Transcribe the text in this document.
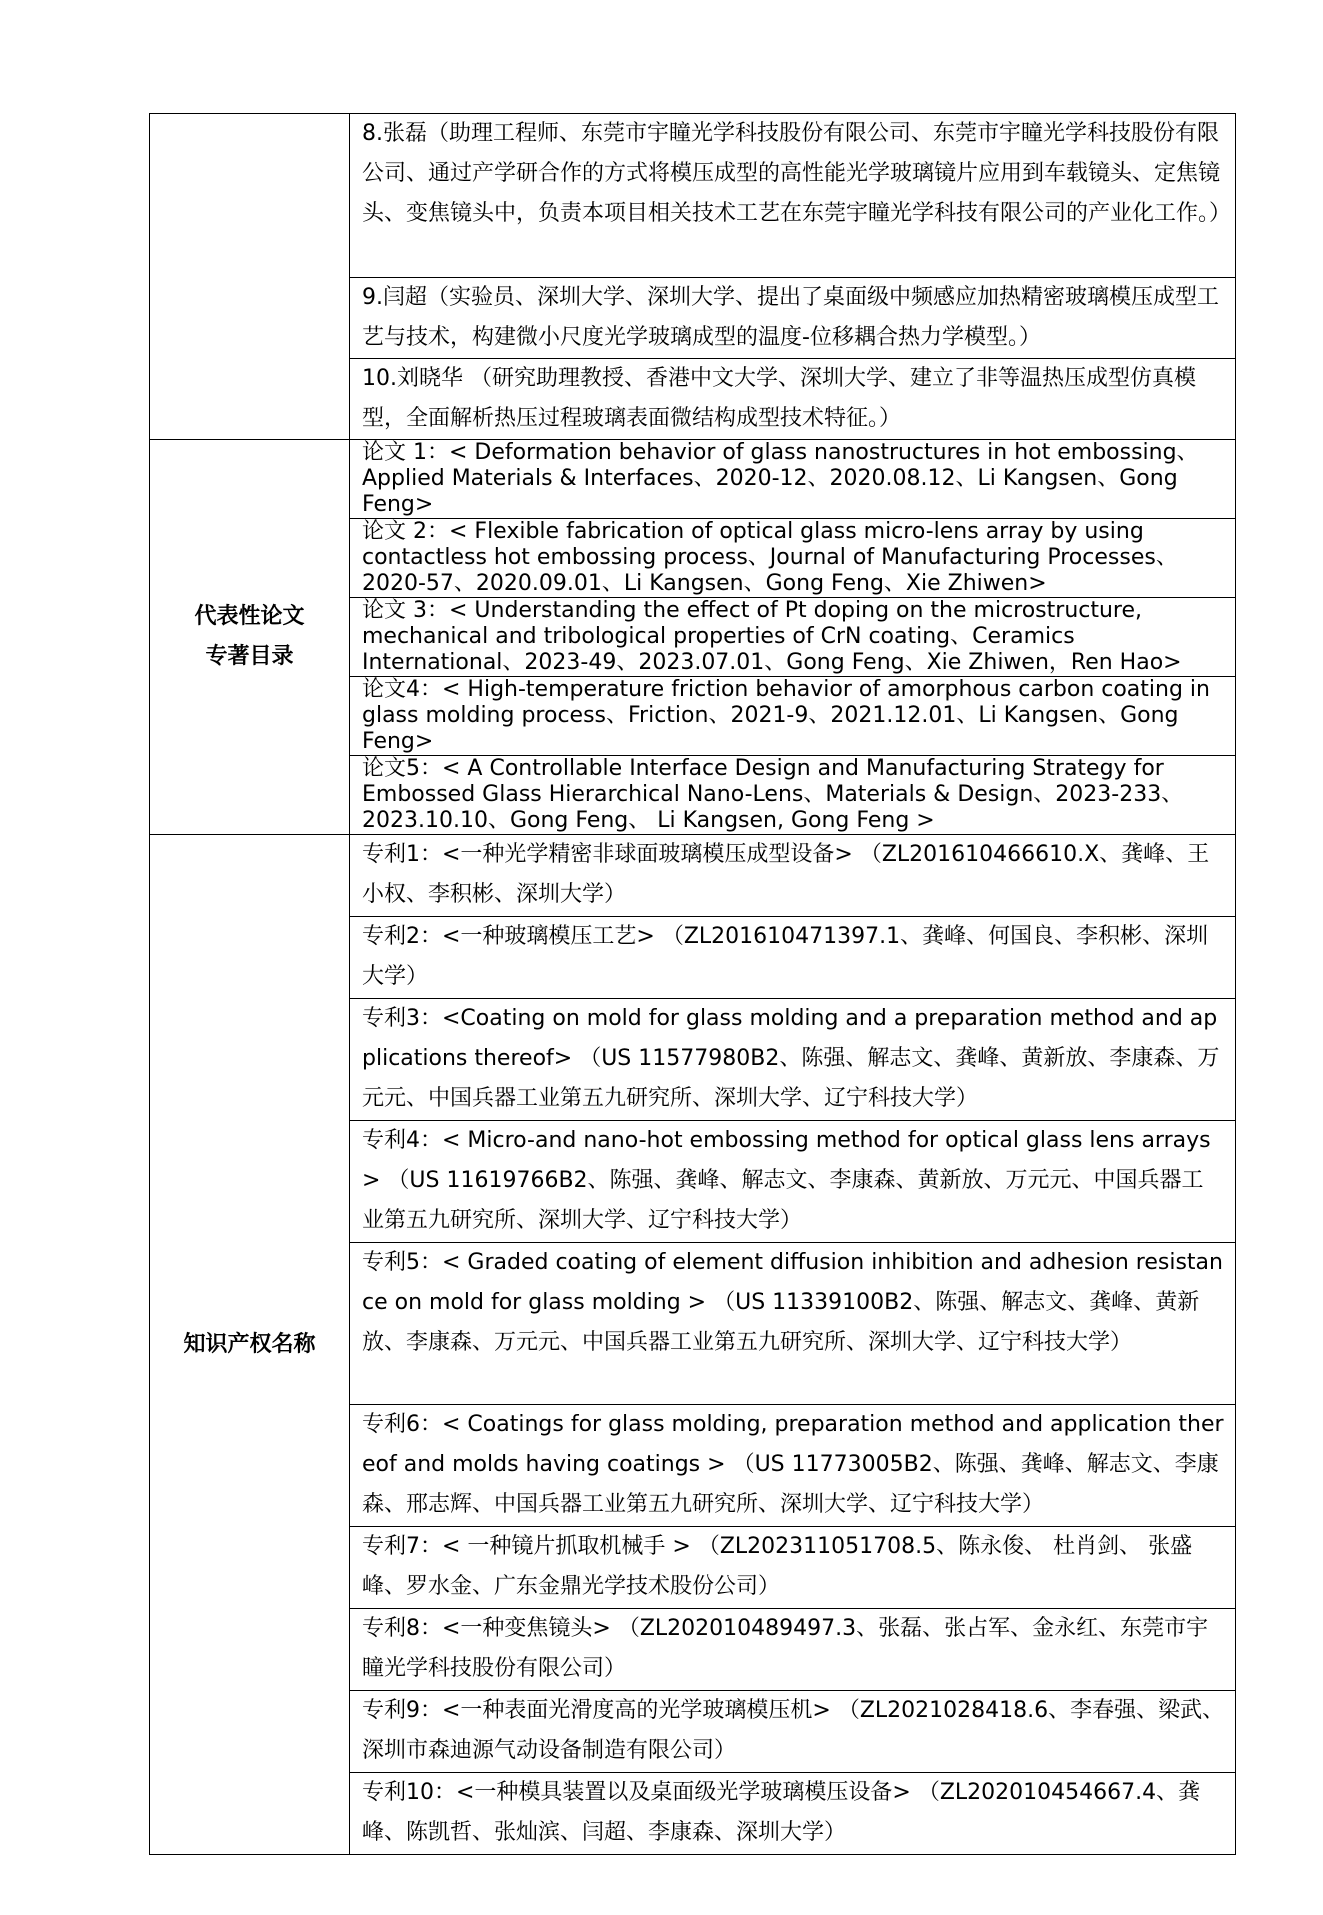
	8.张磊（助理工程师、东莞市宇瞳光学科技股份有限公司、东莞市宇瞳光学科技股份有限公司、通过产学研合作的方式将模压成型的高性能光学玻璃镜片应用到车载镜头、定焦镜头、变焦镜头中，负责本项目相关技术工艺在东莞宇瞳光学科技有限公司的产业化工作。）
	9.闫超（实验员、深圳大学、深圳大学、提出了桌面级中频感应加热精密玻璃模压成型工艺与技术，构建微小尺度光学玻璃成型的温度-位移耦合热力学模型。）
	10.刘晓华 （研究助理教授、香港中文大学、深圳大学、建立了非等温热压成型仿真模型，全面解析热压过程玻璃表面微结构成型技术特征。）

代表性论文
专著目录	论文 1：< Deformation behavior of glass nanostructures in hot embossing、Applied Materials & Interfaces、2020-12、2020.08.12、Li Kangsen、Gong Feng>
	论文 2：< Flexible fabrication of optical glass micro-lens array by using contactless hot embossing process、Journal of Manufacturing Processes、2020-57、2020.09.01、Li Kangsen、Gong Feng、Xie Zhiwen>
	论文 3：< Understanding the effect of Pt doping on the microstructure, mechanical and tribological properties of CrN coating、Ceramics International、2023-49、2023.07.01、Gong Feng、Xie Zhiwen，Ren Hao>
	论文4：< High-temperature friction behavior of amorphous carbon coating in glass molding process、Friction、2021-9、2021.12.01、Li Kangsen、Gong Feng>
	论文5：< A Controllable Interface Design and Manufacturing Strategy for Embossed Glass Hierarchical Nano-Lens、Materials & Design、2023-233、2023.10.10、Gong Feng、 Li Kangsen, Gong Feng >
知识产权名称	专利1：<一种光学精密非球面玻璃模压成型设备> （ZL201610466610.X、龚峰、王小权、李积彬、深圳大学）
	专利2：<一种玻璃模压工艺> （ZL201610471397.1、龚峰、何国良、李积彬、深圳大学）
	专利3：<Coating on mold for glass molding and a preparation method and applications thereof> （US 11577980B2、陈强、解志文、龚峰、黄新放、李康森、万元元、中国兵器工业第五九研究所、深圳大学、辽宁科技大学）
	专利4：< Micro-and nano-hot embossing method for optical glass lens arrays > （US 11619766B2、陈强、龚峰、解志文、李康森、黄新放、万元元、中国兵器工业第五九研究所、深圳大学、辽宁科技大学）
	专利5：< Graded coating of element diffusion inhibition and adhesion resistance on mold for glass molding > （US 11339100B2、陈强、解志文、龚峰、黄新放、李康森、万元元、中国兵器工业第五九研究所、深圳大学、辽宁科技大学）
	专利6：< Coatings for glass molding, preparation method and application thereof and molds having coatings > （US 11773005B2、陈强、龚峰、解志文、李康森、邢志辉、中国兵器工业第五九研究所、深圳大学、辽宁科技大学）
	专利7：< 一种镜片抓取机械手 > （ZL202311051708.5、陈永俊、 杜肖剑、 张盛峰、罗水金、广东金鼎光学技术股份公司）
	专利8：<一种变焦镜头> （ZL202010489497.3、张磊、张占军、金永红、东莞市宇瞳光学科技股份有限公司）
	专利9：<一种表面光滑度高的光学玻璃模压机> （ZL2021028418.6、李春强、梁武、深圳市森迪源气动设备制造有限公司）
	专利10：<一种模具装置以及桌面级光学玻璃模压设备> （ZL202010454667.4、龚峰、陈凯哲、张灿滨、闫超、李康森、深圳大学）
